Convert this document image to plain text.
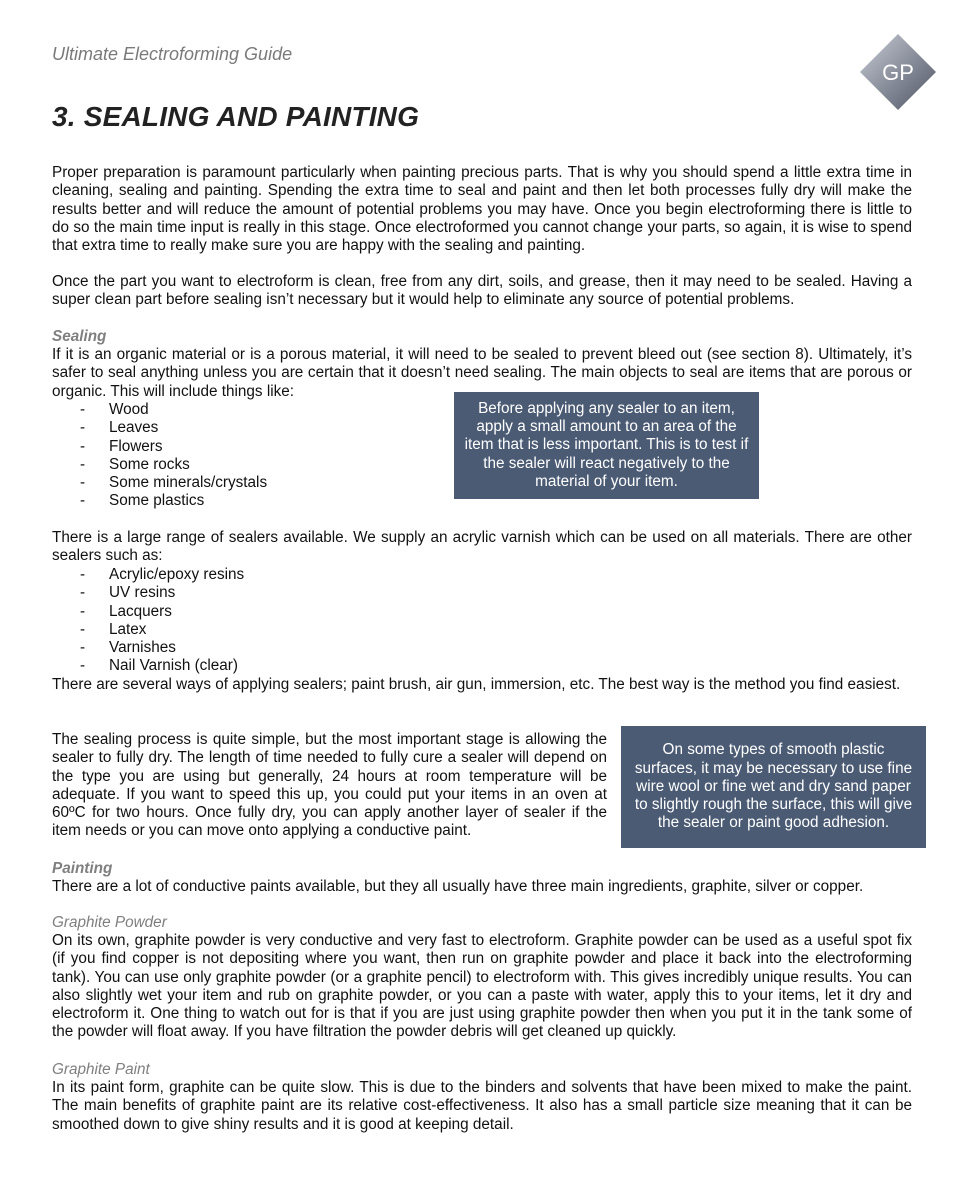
Ultimate Electroforming Guide
GP
3. SEALING AND PAINTING
Proper preparation is paramount particularly when painting precious parts. That is why you should spend a little extra time in cleaning, sealing and painting. Spending the extra time to seal and paint and then let both processes fully dry will make the results better and will reduce the amount of potential problems you may have. Once you begin electroforming there is little to do so the main time input is really in this stage. Once electroformed you cannot change your parts, so again, it is wise to spend that extra time to really make sure you are happy with the sealing and painting.
Once the part you want to electroform is clean, free from any dirt, soils, and grease, then it may need to be sealed. Having a super clean part before sealing isn’t necessary but it would help to eliminate any source of potential problems.
Sealing
If it is an organic material or is a porous material, it will need to be sealed to prevent bleed out (see section 8). Ultimately, it’s safer to seal anything unless you are certain that it doesn’t need sealing. The main objects to seal are items that are porous or organic. This will include things like:
-	Wood
-	Leaves
-	Flowers
-	Some rocks
-	Some minerals/crystals
-	Some plastics
Before applying any sealer to an item, apply a small amount to an area of the item that is less important. This is to test if the sealer will react negatively to the material of your item.
There is a large range of sealers available. We supply an acrylic varnish which can be used on all materials. There are other sealers such as:
-	Acrylic/epoxy resins
-	UV resins
-	Lacquers
-	Latex
-	Varnishes
-	Nail Varnish (clear)
There are several ways of applying sealers; paint brush, air gun, immersion, etc. The best way is the method you find easiest.
The sealing process is quite simple, but the most important stage is allowing the sealer to fully dry. The length of time needed to fully cure a sealer will depend on the type you are using but generally, 24 hours at room temperature will be adequate. If you want to speed this up, you could put your items in an oven at 60ºC for two hours. Once fully dry, you can apply another layer of sealer if the item needs or you can move onto applying a conductive paint.
On some types of smooth plastic surfaces, it may be necessary to use fine wire wool or fine wet and dry sand paper to slightly rough the surface, this will give the sealer or paint good adhesion.
Painting
There are a lot of conductive paints available, but they all usually have three main ingredients, graphite, silver or copper.
Graphite Powder
On its own, graphite powder is very conductive and very fast to electroform. Graphite powder can be used as a useful spot fix (if you find copper is not depositing where you want, then run on graphite powder and place it back into the electroforming tank). You can use only graphite powder (or a graphite pencil) to electroform with. This gives incredibly unique results. You can also slightly wet your item and rub on graphite powder, or you can a paste with water, apply this to your items, let it dry and electroform it. One thing to watch out for is that if you are just using graphite powder then when you put it in the tank some of the powder will float away. If you have filtration the powder debris will get cleaned up quickly.
Graphite Paint
In its paint form, graphite can be quite slow. This is due to the binders and solvents that have been mixed to make the paint. The main benefits of graphite paint are its relative cost-effectiveness. It also has a small particle size meaning that it can be smoothed down to give shiny results and it is good at keeping detail.
